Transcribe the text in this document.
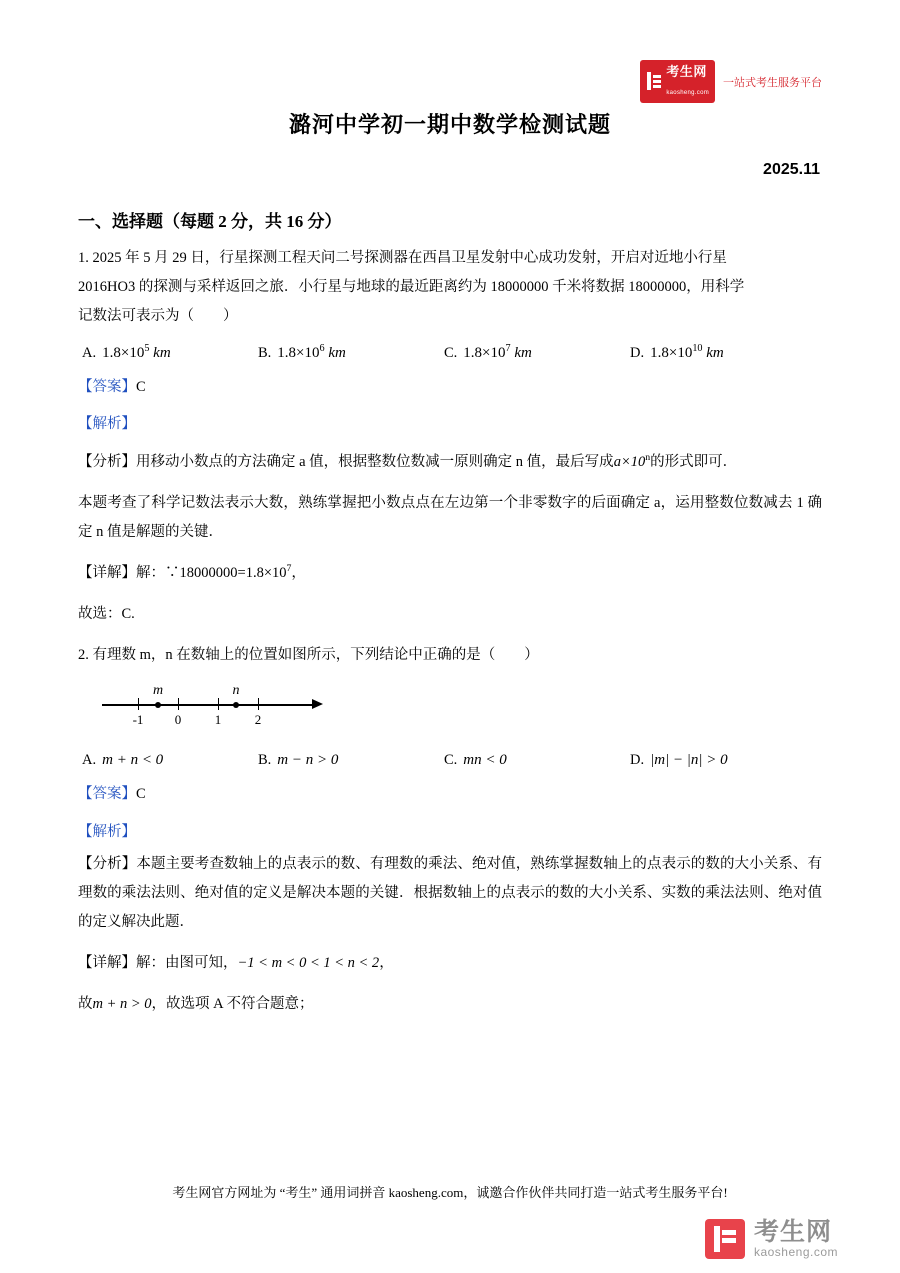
考生网
kaosheng.com
一站式考生服务平台
潞河中学初一期中数学检测试题
2025.11
一、选择题（每题 2 分，共 16 分）

1. 2025 年 5 月 29 日，行星探测工程天问二号探测器在西昌卫星发射中心成功发射，开启对近地小行星
2016HO3 的探测与采样返回之旅．小行星与地球的最近距离约为 18000000 千米将数据 18000000，用科学
记数法可表示为（　　）

A. $1.8\times 10^5$ km	B. $1.8\times 10^6$ km	C. $1.8\times 10^7$ km	D. $1.8\times 10^{10}$ km
【答案】C
【解析】

【分析】用移动小数点的方法确定 a 值，根据整数位数减一原则确定 n 值，最后写成$a\times 10^n$的形式即可．

本题考查了科学记数法表示大数，熟练掌握把小数点点在左边第一个非零数字的后面确定 a，运用整数位数减去 1 确定 n 值是解题的关键．

【详解】解：$\because 18000000=1.8\times 10^7$，

故选：C.

2. 有理数 m，n 在数轴上的位置如图所示，下列结论中正确的是（　　）

-1 0	1	2
m	n
A. m + n < 0	B. m − n > 0	C. mn < 0	D. |m| − |n| > 0
【答案】C
【解析】

【分析】本题主要考查数轴上的点表示的数、有理数的乘法、绝对值，熟练掌握数轴上的点表示的数的大小关系、有理数的乘法法则、绝对值的定义是解决本题的关键．根据数轴上的点表示的数的大小关系、实数的乘法法则、绝对值的定义解决此题．

【详解】解：由图可知，−1 < m < 0 < 1 < n < 2，

故m + n > 0，故选项 A 不符合题意；

考生网官方网址为 “考生” 通用词拼音 kaosheng.com，诚邀合作伙伴共同打造一站式考生服务平台!
考生网
kaosheng.com
